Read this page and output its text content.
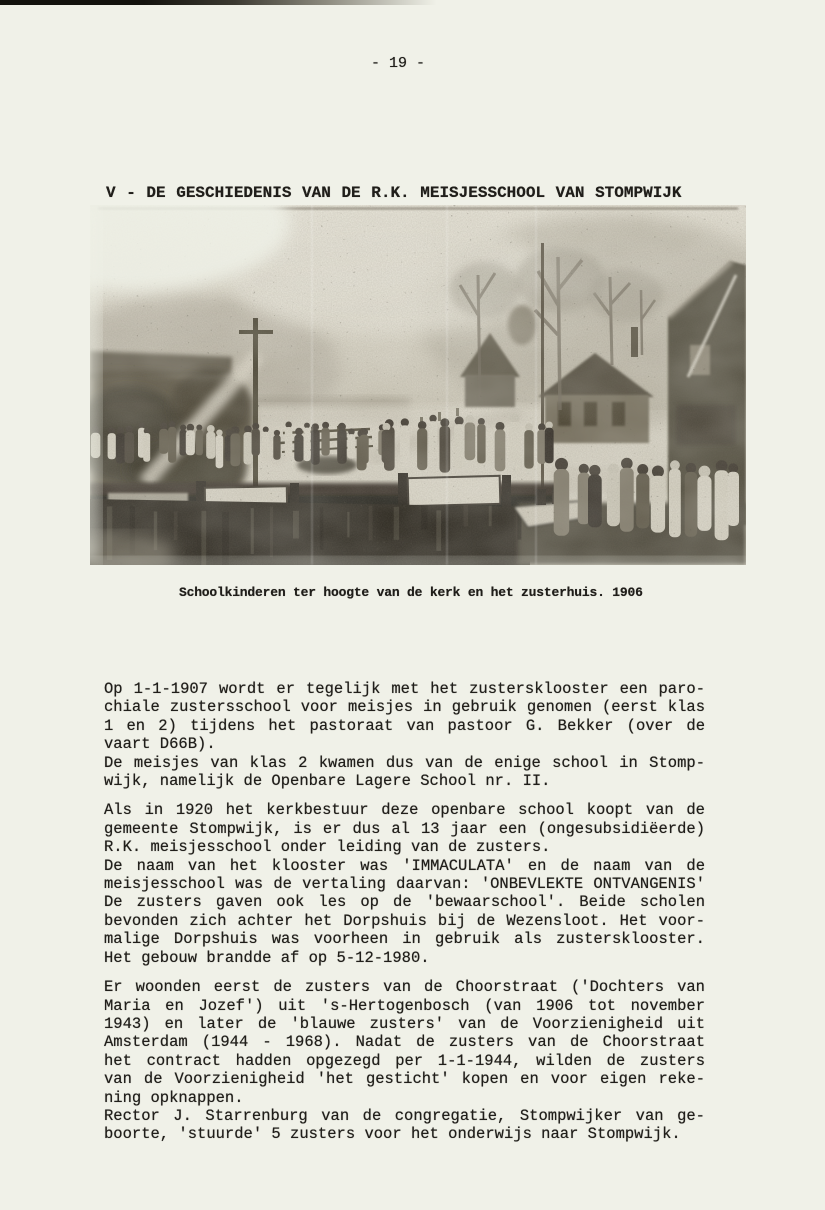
- 19 -

V - DE GESCHIEDENIS VAN DE R.K. MEISJESSCHOOL VAN STOMPWIJK

Schoolkinderen ter hoogte van de kerk en het zusterhuis. 1906
Op 1-1-1907 wordt er tegelijk met het zustersklooster een paro-
chiale zustersschool voor meisjes in gebruik genomen (eerst klas
1 en 2) tijdens het pastoraat van pastoor G. Bekker (over de
vaart D66B).
De meisjes van klas 2 kwamen dus van de enige school in Stomp-
wijk, namelijk de Openbare Lagere School nr. II.
Als in 1920 het kerkbestuur deze openbare school koopt van de
gemeente Stompwijk, is er dus al 13 jaar een (ongesubsidiëerde)
R.K. meisjesschool onder leiding van de zusters.
De naam van het klooster was 'IMMACULATA' en de naam van de
meisjesschool was de vertaling daarvan: 'ONBEVLEKTE ONTVANGENIS'
De zusters gaven ook les op de 'bewaarschool'. Beide scholen
bevonden zich achter het Dorpshuis bij de Wezensloot. Het voor-
malige Dorpshuis was voorheen in gebruik als zustersklooster.
Het gebouw brandde af op 5-12-1980.
Er woonden eerst de zusters van de Choorstraat ('Dochters van
Maria en Jozef') uit 's-Hertogenbosch (van 1906 tot november
1943) en later de 'blauwe zusters' van de Voorzienigheid uit
Amsterdam (1944 - 1968). Nadat de zusters van de Choorstraat
het contract hadden opgezegd per 1-1-1944, wilden de zusters
van de Voorzienigheid 'het gesticht' kopen en voor eigen reke-
ning opknappen.
Rector J. Starrenburg van de congregatie, Stompwijker van ge-
boorte, 'stuurde' 5 zusters voor het onderwijs naar Stompwijk.
